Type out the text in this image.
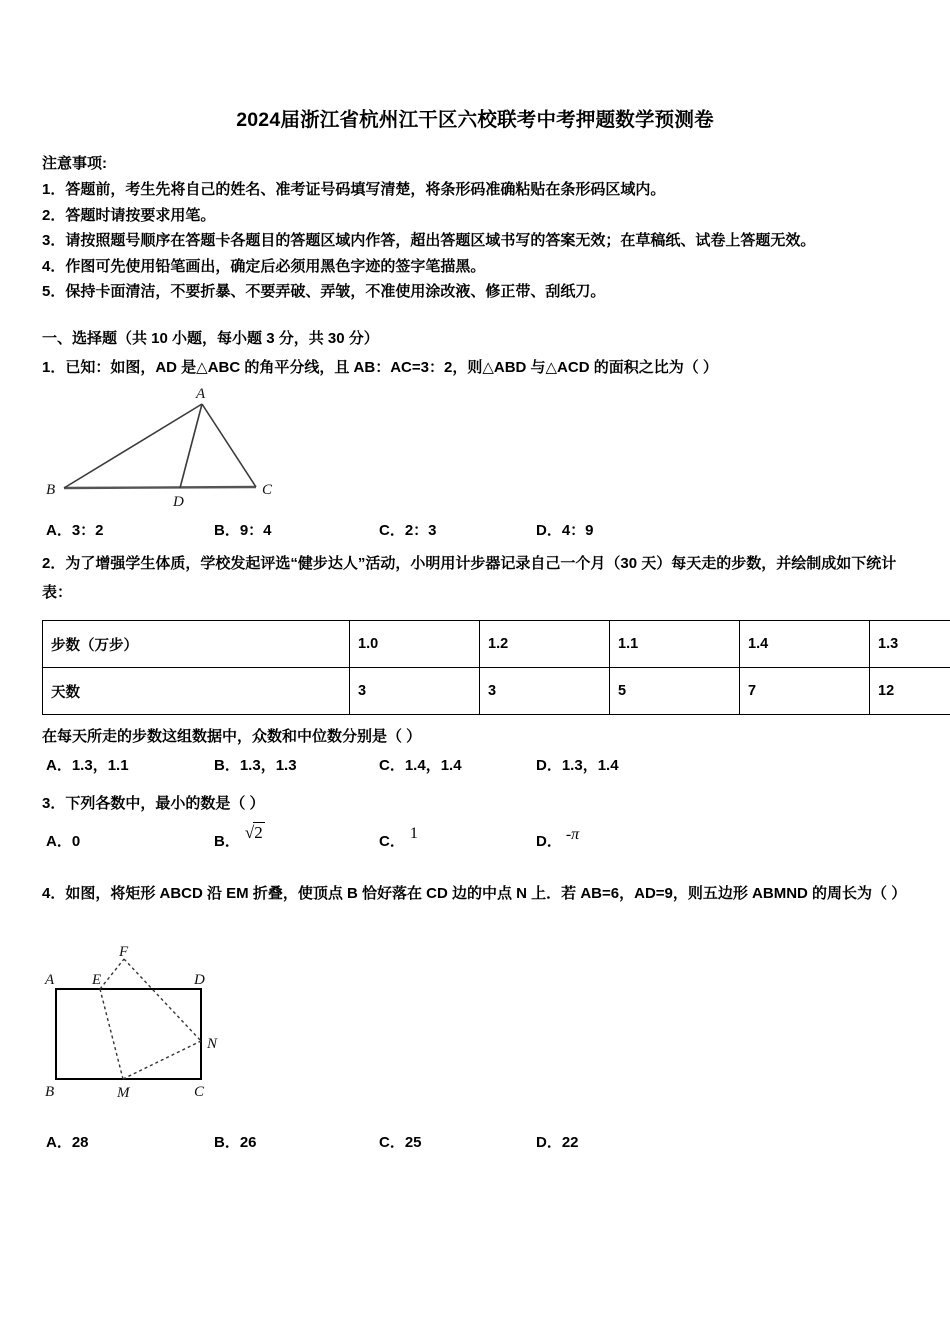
2024届浙江省杭州江干区六校联考中考押题数学预测卷
注意事项:
1．答题前，考生先将自己的姓名、准考证号码填写清楚，将条形码准确粘贴在条形码区域内。
2．答题时请按要求用笔。
3．请按照题号顺序在答题卡各题目的答题区域内作答，超出答题区域书写的答案无效；在草稿纸、试卷上答题无效。
4．作图可先使用铅笔画出，确定后必须用黑色字迹的签字笔描黑。
5．保持卡面清洁，不要折暴、不要弄破、弄皱，不准使用涂改液、修正带、刮纸刀。
一、选择题（共 10 小题，每小题 3 分，共 30 分）
1．已知：如图，AD 是△ABC 的角平分线，且 AB：AC=3：2，则△ABD 与△ACD 的面积之比为（ ）
A
B	C
D
A．3：2	B．9：4	C．2：3	D．4：9
2．为了增强学生体质，学校发起评选“健步达人”活动，小明用计步器记录自己一个月（30 天）每天走的步数，并绘制成如下统计表：
步数（万步）	1.0	1.2	1.1	1.4	1.3
天数	3	3	5	7	12
在每天所走的步数这组数据中，众数和中位数分别是（ ）
A．1.3，1.1	B．1.3，1.3	C．1.4，1.4	D．1.3，1.4
3．下列各数中，最小的数是（ ）
A．0	B． √2	C． 1	D． -π
4．如图，将矩形 ABCD 沿 EM 折叠，使顶点 B 恰好落在 CD 边的中点 N 上．若 AB=6，AD=9，则五边形 ABMND 的周长为（ ）
A	E
F
D
N
B	M	C
A．28	B．26	C．25	D．22
